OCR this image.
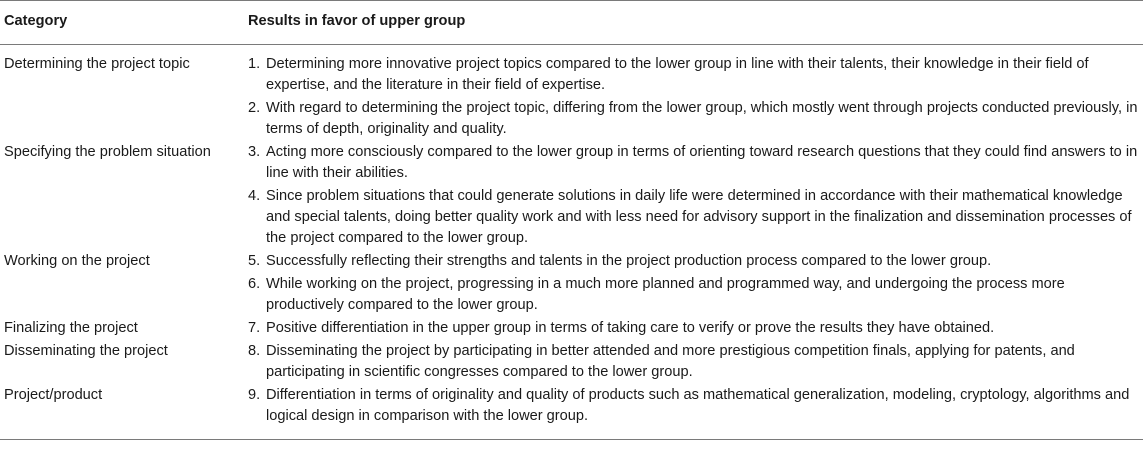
Category	Results in favor of upper group
Determining the project topic	1. Determining more innovative project topics compared to the lower group in line with their talents, their knowledge in their field of expertise, and the literature in their field of expertise.
2. With regard to determining the project topic, differing from the lower group, which mostly went through projects conducted previously, in terms of depth, originality and quality.

Specifying the problem situation	3. Acting more consciously compared to the lower group in terms of orienting toward research questions that they could find answers to in line with their abilities.
4. Since problem situations that could generate solutions in daily life were determined in accordance with their mathematical knowledge and special talents, doing better quality work and with less need for advisory support in the finalization and dissemination processes of the project compared to the lower group.

Working on the project	5. Successfully reflecting their strengths and talents in the project production process compared to the lower group.
6. While working on the project, progressing in a much more planned and programmed way, and undergoing the process more productively compared to the lower group.

Finalizing the project	7. Positive differentiation in the upper group in terms of taking care to verify or prove the results they have obtained.

Disseminating the project	8. Disseminating the project by participating in better attended and more prestigious competition finals, applying for patents, and participating in scientific congresses compared to the lower group.

Project/product	9. Differentiation in terms of originality and quality of products such as mathematical generalization, modeling, cryptology, algorithms and logical design in comparison with the lower group.
